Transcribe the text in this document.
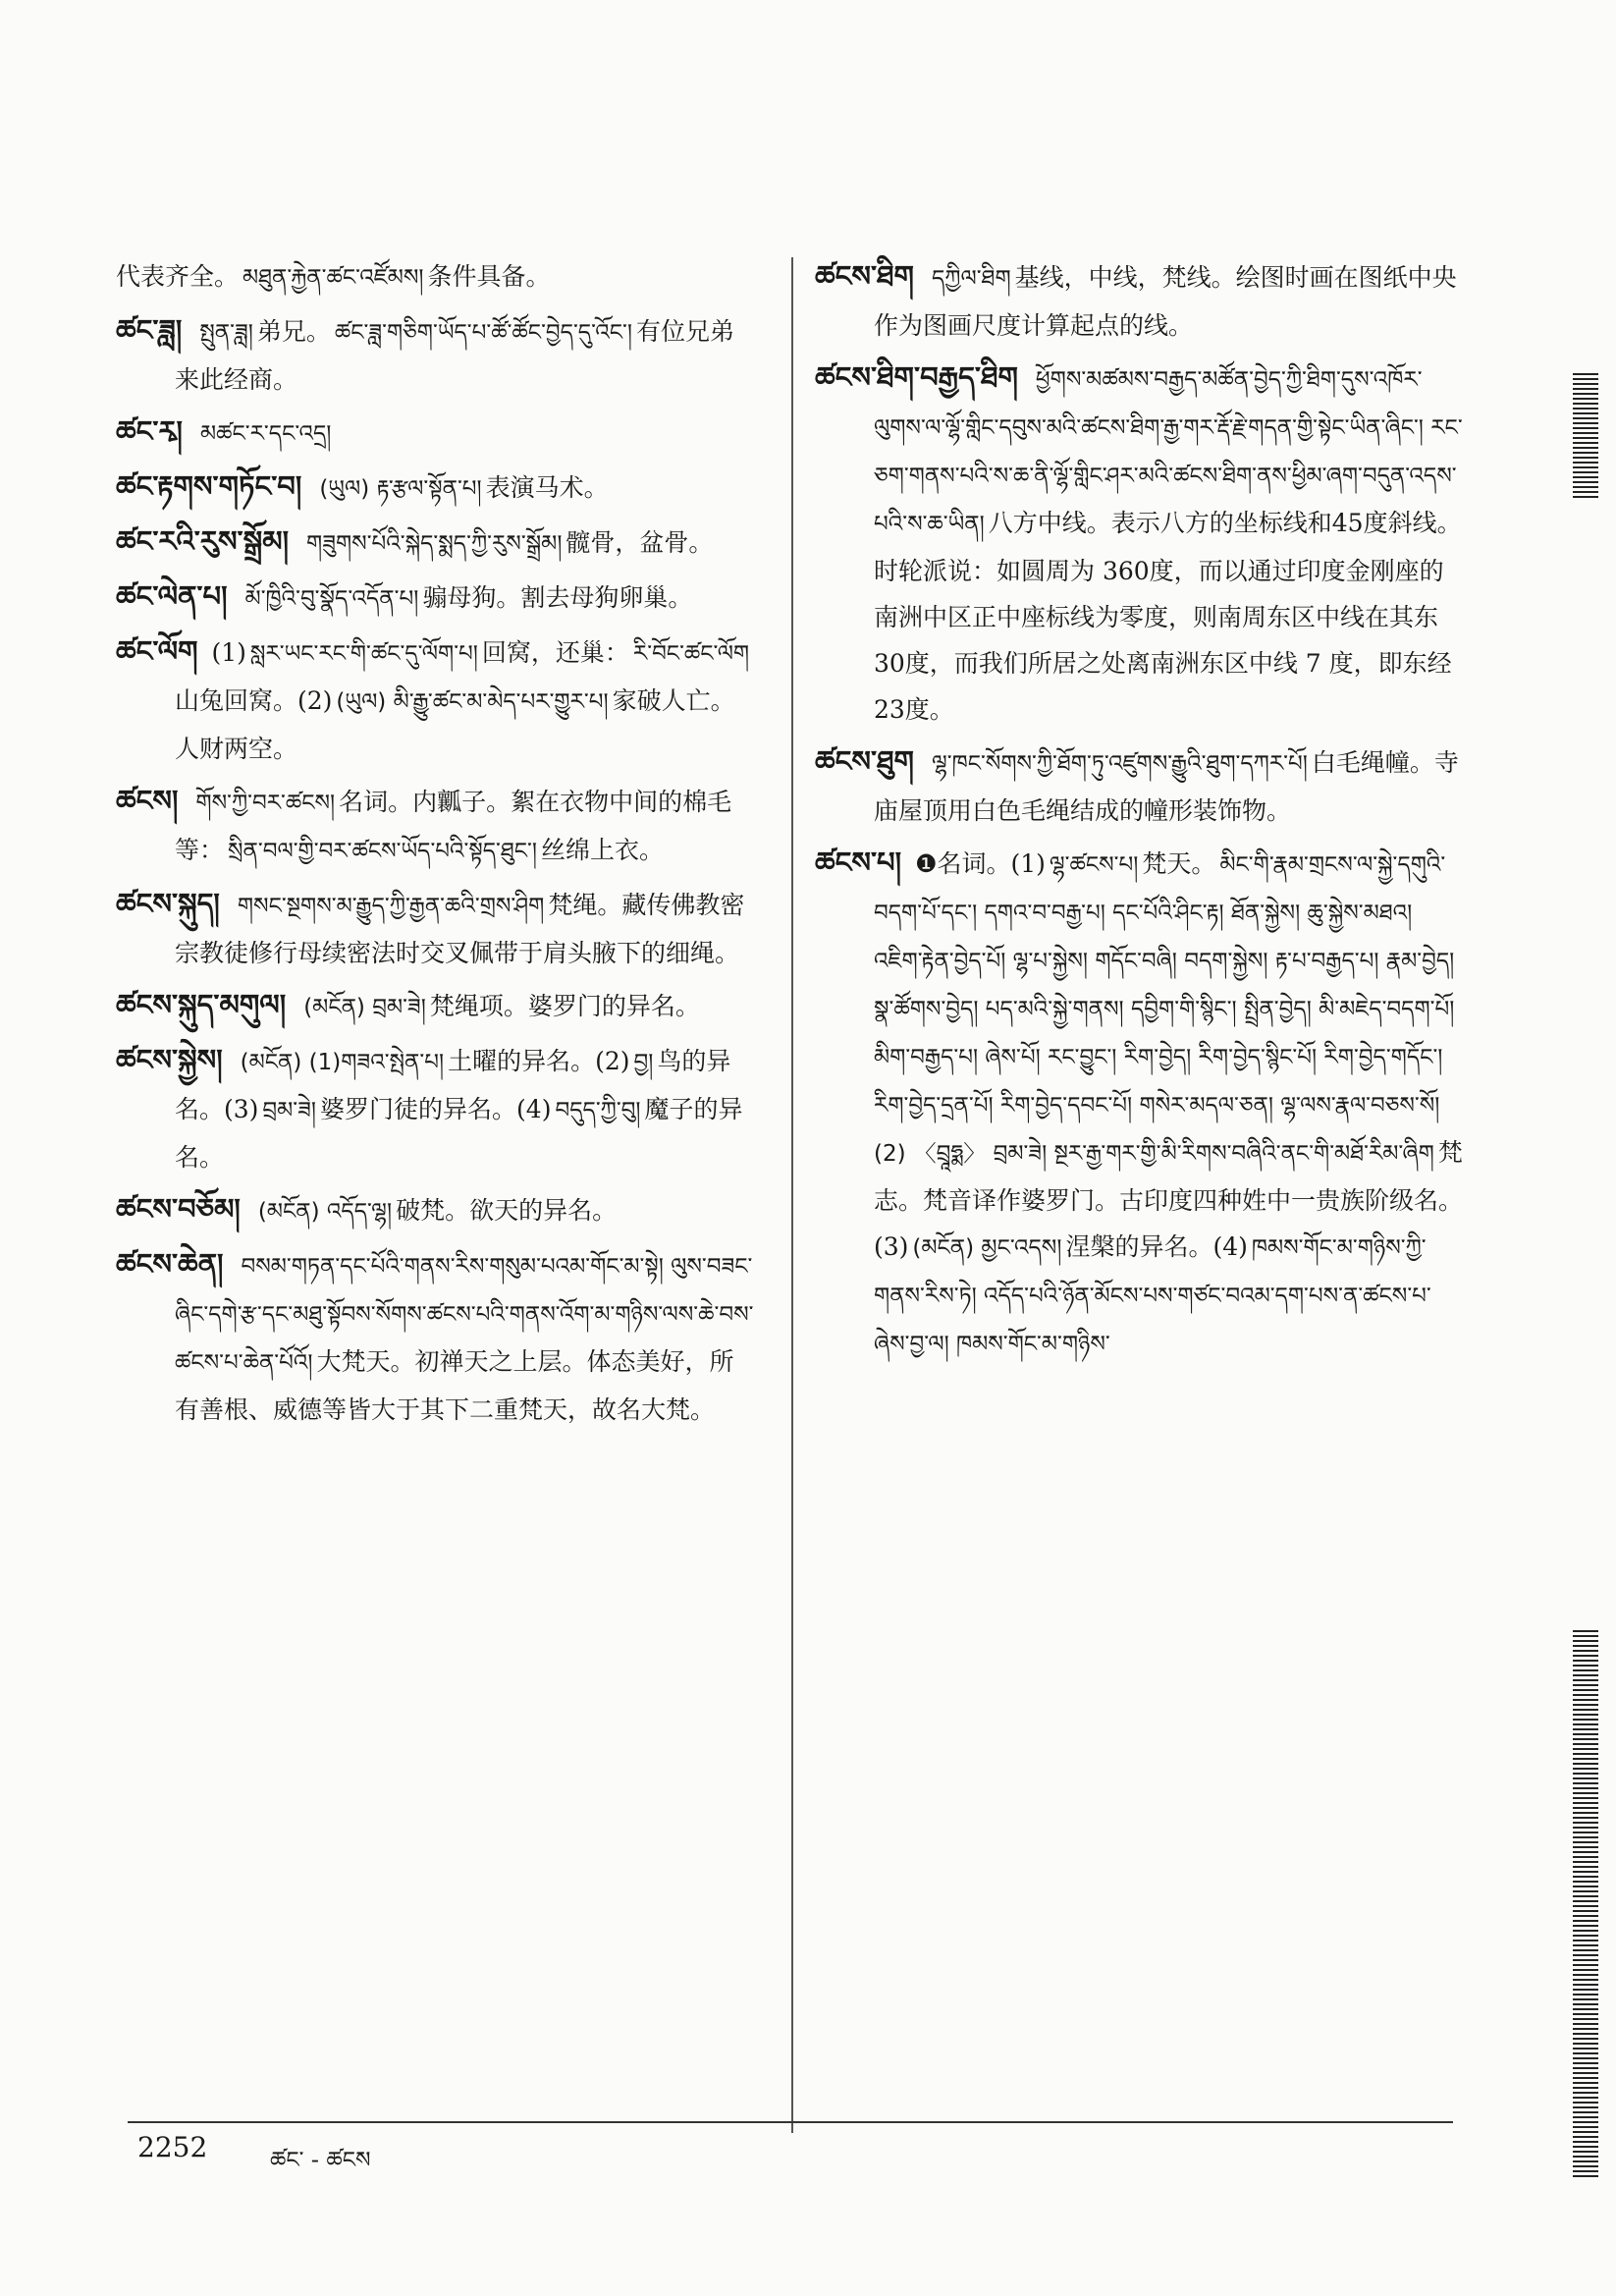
代表齐全。 མཐུན་རྐྱེན་ཚང་འཛོམས། 条件具备。

ཚང་ཟླ། སྤུན་ཟླ། 弟兄。 ཚང་ཟླ་གཅིག་ཡོད་པ་ཚོ་ཚོང་བྱེད་དུ་འོང་། 有位兄弟来此经商。

ཚང་རྭ། མཚང་ར་དང་འདྲ།

ཚང་རྟགས་གཏོང་བ། (ཡུལ) རྟ་རྩལ་སྟོན་པ། 表演马术。

ཚང་རའི་རུས་སྒྲོམ། གཟུགས་པོའི་སྐེད་སྨད་ཀྱི་རུས་སྒྲོམ། 髋骨，盆骨。

ཚང་ལེན་པ། མོ་ཁྱིའི་བུ་སྣོད་འདོན་པ། 骟母狗。割去母狗卵巢。

ཚང་ལོག (1) སླར་ཡང་རང་གི་ཚང་དུ་ལོག་པ། 回窝，还巢： རི་བོང་ཚང་ལོག山兔回窝。(2) (ཡུལ) མི་རྒྱུ་ཚང་མ་མེད་པར་གྱུར་པ། 家破人亡。人财两空。

ཚངས། གོས་ཀྱི་བར་ཚངས། 名词。内瓤子。絮在衣物中间的棉毛等： སྲིན་བལ་གྱི་བར་ཚངས་ཡོད་པའི་སྟོད་ཐུང་། 丝绵上衣。

ཚངས་སྐུད། གསང་སྔགས་མ་རྒྱུད་ཀྱི་རྒྱན་ཆའི་གྲས་ཤིག 梵绳。藏传佛教密宗教徒修行母续密法时交叉佩带于肩头腋下的细绳。

ཚངས་སྐུད་མགུལ། (མངོན) བྲམ་ཟེ། 梵绳项。婆罗门的异名。

ཚངས་སྐྱེས། (མངོན) (1)གཟའ་སྤེན་པ། 土曜的异名。(2) བྱ། 鸟的异名。(3) བྲམ་ཟེ། 婆罗门徒的异名。(4) བདུད་ཀྱི་བུ། 魔子的异名。

ཚངས་བཅོམ། (མངོན) འདོད་ལྷ། 破梵。欲天的异名。

ཚངས་ཆེན། བསམ་གཏན་དང་པོའི་གནས་རིས་གསུམ་པའམ་གོང་མ་སྟེ། ལུས་བཟང་ཞིང་དགེ་རྩ་དང་མཐུ་སྟོབས་སོགས་ཚངས་པའི་གནས་འོག་མ་གཉིས་ལས་ཆེ་བས་ཚངས་པ་ཆེན་པོའོ། 大梵天。初禅天之上层。体态美好，所有善根、威德等皆大于其下二重梵天，故名大梵。

ཚངས་ཐིག དཀྱིལ་ཐིག 基线，中线，梵线。绘图时画在图纸中央作为图画尺度计算起点的线。

ཚངས་ཐིག་བརྒྱད་ཐིག ཕྱོགས་མཚམས་བརྒྱད་མཚོན་བྱེད་ཀྱི་ཐིག་དུས་འཁོར་ལུགས་ལ་ལྷོ་གླིང་དབུས་མའི་ཚངས་ཐིག་རྒྱ་གར་རྡོ་རྗེ་གདན་གྱི་སྟེང་ཡིན་ཞིང་། རང་ཅག་གནས་པའི་ས་ཆ་ནི་ལྷོ་གླིང་ཤར་མའི་ཚངས་ཐིག་ནས་ཕྱིམ་ཞག་བདུན་འདས་པའི་ས་ཆ་ཡིན། 八方中线。表示八方的坐标线和45度斜线。时轮派说：如圆周为 360度，而以通过印度金刚座的南洲中区正中座标线为零度，则南周东区中线在其东30度，而我们所居之处离南洲东区中线 7 度，即东经23度。

ཚངས་ཐུག ལྷ་ཁང་སོགས་ཀྱི་ཐོག་ཏུ་འཛུགས་རྒྱུའི་ཐུག་དཀར་པོ། 白毛绳幢。寺庙屋顶用白色毛绳结成的幢形装饰物。

ཚངས་པ། ❶名词。(1) ལྷ་ཚངས་པ། 梵天。 མིང་གི་རྣམ་གྲངས་ལ་སྐྱེ་དགུའི་བདག་པོ་དང་། དགའ་བ་བརྒྱ་པ། དང་པོའི་ཤིང་རྟ། ཐོན་སྐྱེས། ཆུ་སྐྱེས་མཐའ། འཇིག་རྟེན་བྱེད་པོ། ལྷ་པ་སྐྱེས། གདོང་བཞི། བདག་སྐྱེས། རྟ་པ་བརྒྱད་པ། རྣམ་བྱེད། སྣ་ཚོགས་བྱེད། པད་མའི་སྐྱེ་གནས། དབྱིག་གི་སྙིང་། སྤྲིན་བྱེད། མི་མཇེད་བདག་པོ། མིག་བརྒྱད་པ། ཞེས་པོ། རང་བྱུང་། རིག་བྱེད། རིག་བྱེད་སྙིང་པོ། རིག་བྱེད་གདོང་། རིག་བྱེད་དྲན་པོ། རིག་བྱེད་དབང་པོ། གསེར་མདལ་ཅན། ལྷ་ལས་རྣལ་བཅས་སོ། (2) 〈བྲཱཧྨ〉 བྲམ་ཟེ། སྔར་རྒྱ་གར་གྱི་མི་རིགས་བཞིའི་ནང་གི་མཐོ་རིམ་ཞིག 梵志。梵音译作婆罗门。古印度四种姓中一贵族阶级名。(3) (མངོན) མྱང་འདས། 涅槃的异名。(4) ཁམས་གོང་མ་གཉིས་ཀྱི་གནས་རིས་ཏེ། འདོད་པའི་ཉོན་མོངས་པས་གཙང་བའམ་དག་པས་ན་ཚངས་པ་ཞེས་བྱ་ལ། ཁམས་གོང་མ་གཉིས་

2252	ཚང་ - ཚངས
